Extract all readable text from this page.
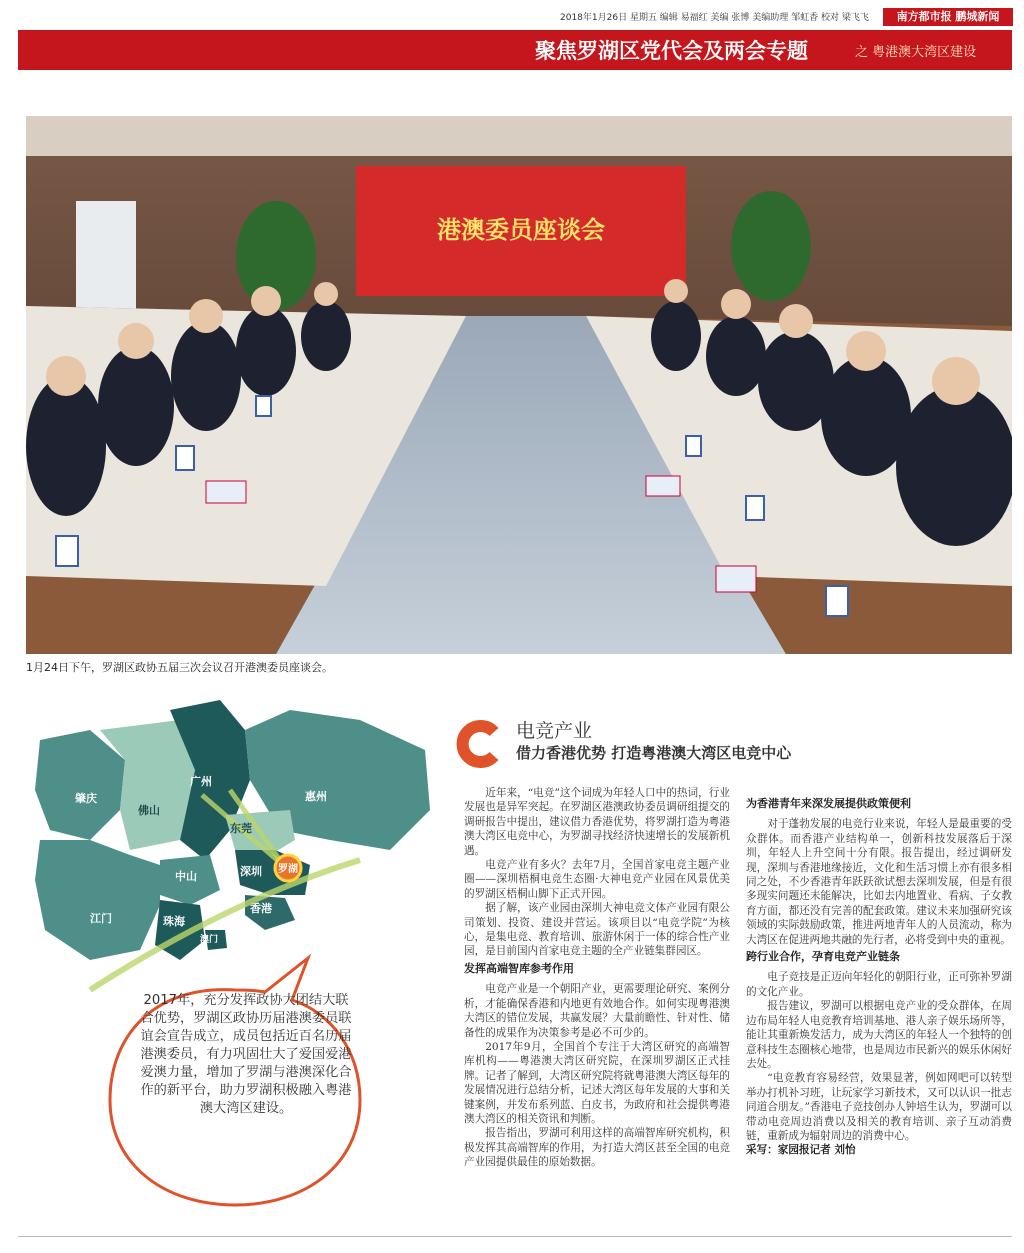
2018年1月26日 星期五 编辑 易福红 美编 张博 美编助理 邹虹香 校对 梁飞飞	南方都市报 鹏城新闻
聚焦罗湖区党代会及两会专题	之 粤港澳大湾区建设
港澳委员座谈会
1月24日下午，罗湖区政协五届三次会议召开港澳委员座谈会。
肇庆
佛山
广州
惠州
东莞
中山	深圳 罗湖
香港
江门	珠海
澳门
2017年，充分发挥政协大团结大联合优势，罗湖区政协历届港澳委员联谊会宣告成立，成员包括近百名历届港澳委员，有力巩固壮大了爱国爱港爱澳力量，增加了罗湖与港澳深化合作的新平台，助力罗湖积极融入粤港澳大湾区建设。
电竞产业
借力香港优势 打造粤港澳大湾区电竞中心

近年来，“电竞”这个词成为年轻人口中的热词，行业发展也是异军突起。在罗湖区港澳政协委员调研组提交的调研报告中提出，建议借力香港优势，将罗湖打造为粤港澳大湾区电竞中心，为罗湖寻找经济快速增长的发展新机遇。

电竞产业有多火？去年7月，全国首家电竞主题产业圈——深圳梧桐电竞生态圈·大神电竞产业园在风景优美的罗湖区梧桐山脚下正式开园。

据了解，该产业园由深圳大神电竞文体产业园有限公司策划、投资、建设并营运。该项目以“电竞学院”为核心，是集电竞、教育培训、旅游休闲于一体的综合性产业园，是目前国内首家电竞主题的全产业链集群园区。

发挥高端智库参考作用

电竞产业是一个朝阳产业，更需要理论研究、案例分析，才能确保香港和内地更有效地合作。如何实现粤港澳大湾区的错位发展，共赢发展？大量前瞻性、针对性、储备性的成果作为决策参考是必不可少的。

2017年9月，全国首个专注于大湾区研究的高端智库机构——粤港澳大湾区研究院，在深圳罗湖区正式挂牌。记者了解到，大湾区研究院将就粤港澳大湾区每年的发展情况进行总结分析，记述大湾区每年发展的大事和关键案例，并发布系列蓝、白皮书，为政府和社会提供粤港澳大湾区的相关资讯和判断。

报告指出，罗湖可利用这样的高端智库研究机构，积极发挥其高端智库的作用，为打造大湾区甚至全国的电竞产业园提供最佳的原始数据。

为香港青年来深发展提供政策便利

对于蓬勃发展的电竞行业来说，年轻人是最重要的受众群体。而香港产业结构单一，创新科技发展落后于深圳，年轻人上升空间十分有限。报告提出，经过调研发现，深圳与香港地缘接近，文化和生活习惯上亦有很多相同之处，不少香港青年跃跃欲试想去深圳发展，但是有很多现实问题还未能解决，比如去内地置业、看病、子女教育方面，都还没有完善的配套政策。建议未来加强研究该领域的实际鼓励政策，推进两地青年人的人员流动，称为大湾区在促进两地共融的先行者，必将受到中央的重视。

跨行业合作，孕育电竞产业链条

电子竞技是正迈向年轻化的朝阳行业，正可弥补罗湖的文化产业。

报告建议，罗湖可以根据电竞产业的受众群体，在周边布局年轻人电竞教育培训基地、港人亲子娱乐场所等，能让其重新焕发活力，成为大湾区的年轻人一个独特的创意科技生态圈核心地带，也是周边市民新兴的娱乐休闲好去处。

“电竞教育容易经营，效果显著，例如网吧可以转型举办打机补习班，让玩家学习新技术，又可以认识一批志同道合朋友。”香港电子竞技创办人钟培生认为，罗湖可以带动电竞周边消费以及相关的教育培训、亲子互动消费链，重新成为辐射周边的消费中心。

采写：家园报记者 刘怡
